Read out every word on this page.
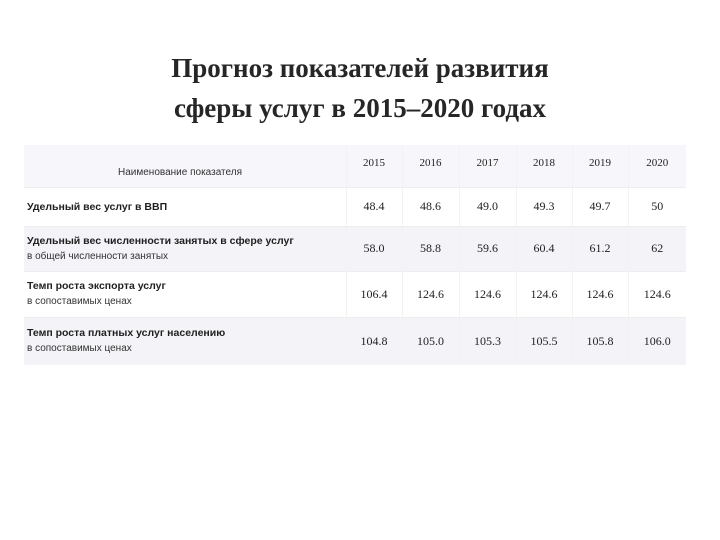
Прогноз показателей развития
сферы услуг в 2015–2020 годах
Наименование показателя	2015	2016	2017	2018	2019	2020

Удельный вес услуг в ВВП	48.4	48.6	49.0	49.3	49.7	50

Удельный вес численности занятых в сфере услуг
в общей численности занятых	58.0	58.8	59.6	60.4	61.2	62

Темп роста экспорта услуг
в сопоставимых ценах	106.4	124.6	124.6	124.6	124.6	124.6

Темп роста платных услуг населению
в сопоставимых ценах	104.8	105.0	105.3	105.5	105.8	106.0
